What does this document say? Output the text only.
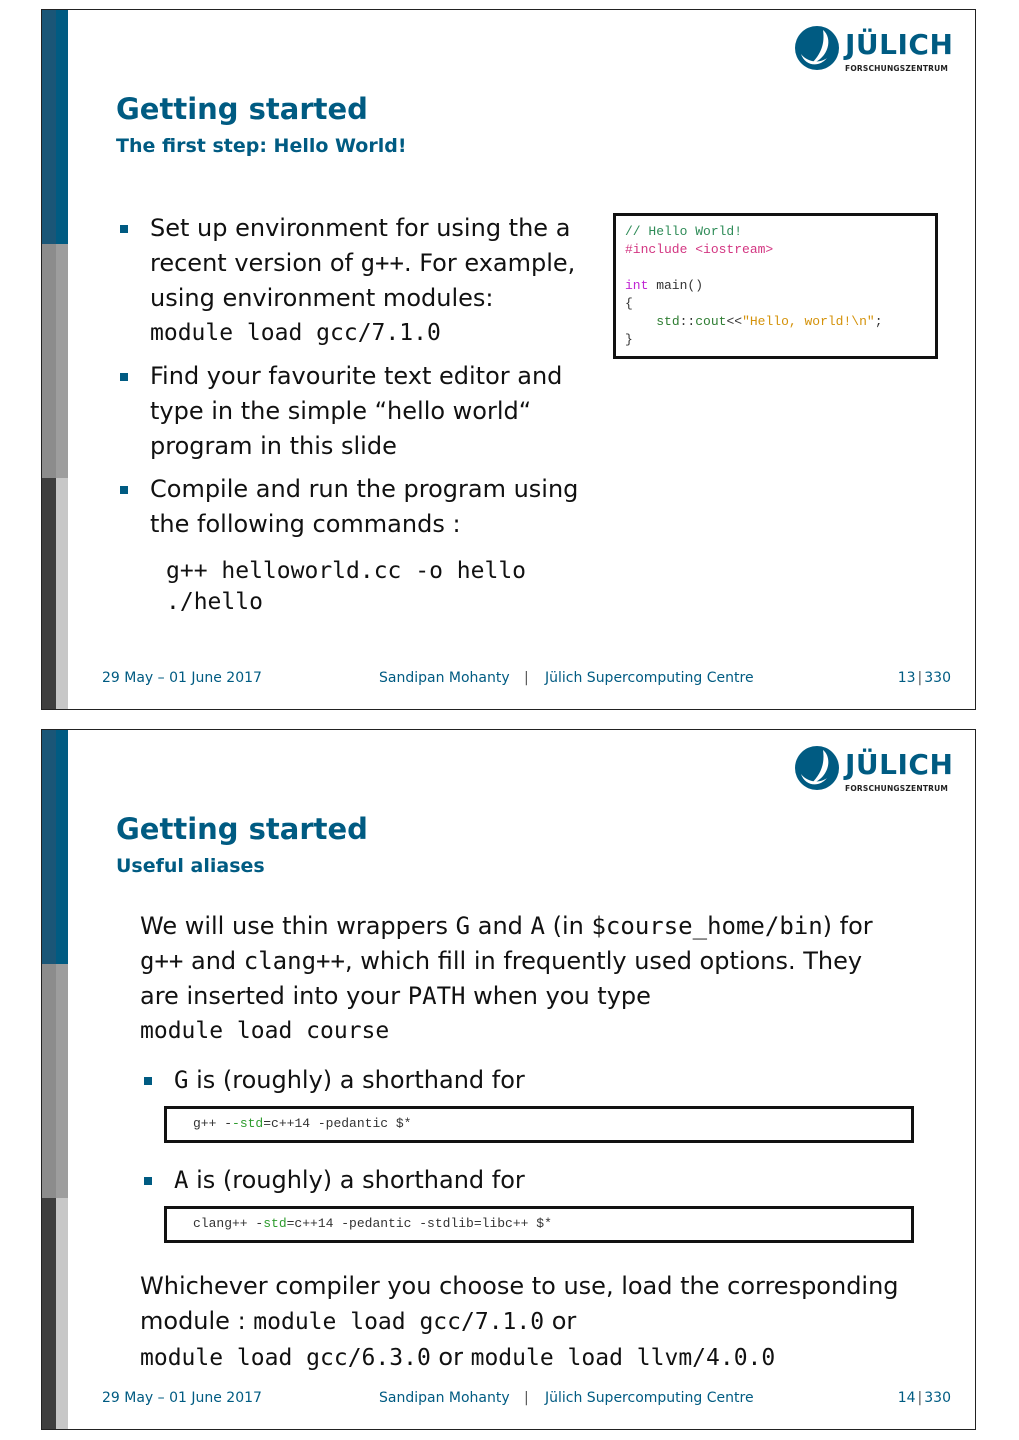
JÜLICH
FORSCHUNGSZENTRUM
Getting started
The first step: Hello World!
Set up environment for using the a
recent version of g++. For example,
using environment modules:
module load gcc/7.1.0
Find your favourite text editor and
type in the simple “hello world“
program in this slide
Compile and run the program using
the following commands :
g++ helloworld.cc -o hello
./hello
// Hello World!
#include <iostream>
int main()
{
std::cout<<"Hello, world!\n";
}
29 May – 01 June 2017	Sandipan Mohanty | Jülich Supercomputing Centre	13 | 330
JÜLICH
FORSCHUNGSZENTRUM
Getting started
Useful aliases
We will use thin wrappers G and A (in $course_home/bin) for
g++ and clang++, which fill in frequently used options. They
are inserted into your PATH when you type
module load course
G is (roughly) a shorthand for
g++ --std=c++14 -pedantic $*
A is (roughly) a shorthand for
clang++ -std=c++14 -pedantic -stdlib=libc++ $*
Whichever compiler you choose to use, load the corresponding
module : module load gcc/7.1.0 or
module load gcc/6.3.0 or module load llvm/4.0.0
29 May – 01 June 2017	Sandipan Mohanty | Jülich Supercomputing Centre	14 | 330
